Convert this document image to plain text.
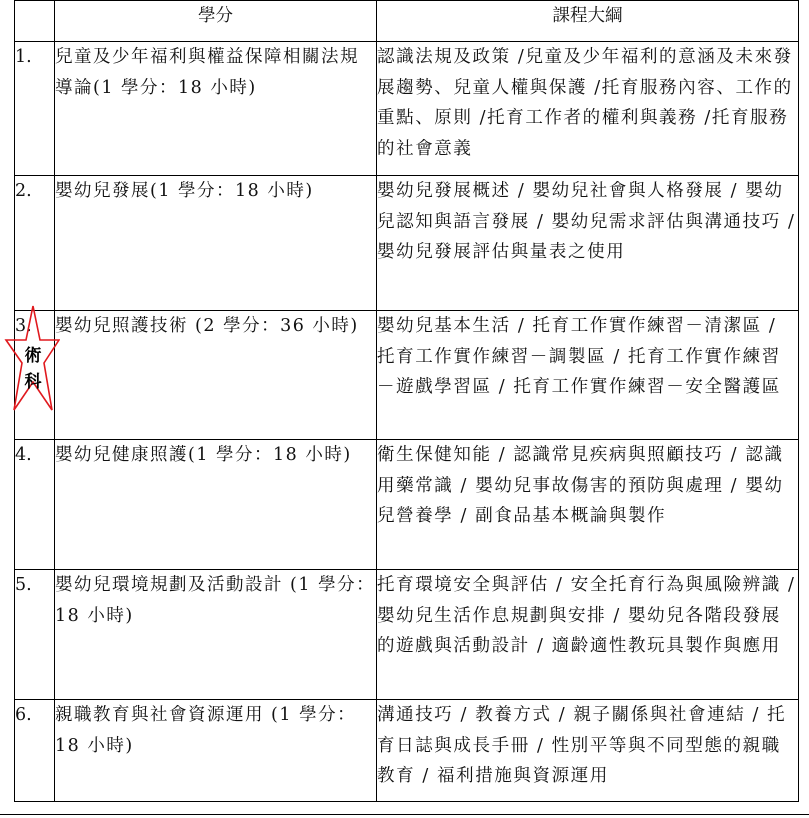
	學分	課程大綱
1.	兒童及少年福利與權益保障相關法規導論(1 學分：18 小時)	認識法規及政策 /兒童及少年福利的意涵及未來發展趨勢、兒童人權與保護 /托育服務內容、工作的重點、原則 /托育工作者的權利與義務 /托育服務的社會意義
2.	嬰幼兒發展(1 學分：18 小時)	嬰幼兒發展概述 / 嬰幼兒社會與人格發展 / 嬰幼兒認知與語言發展 / 嬰幼兒需求評估與溝通技巧 / 嬰幼兒發展評估與量表之使用
3.	嬰幼兒照護技術 (2 學分：36 小時)	嬰幼兒基本生活 / 托育工作實作練習－清潔區 / 托育工作實作練習－調製區 / 托育工作實作練習－遊戲學習區 / 托育工作實作練習－安全醫護區
4.	嬰幼兒健康照護(1 學分：18 小時)	衛生保健知能 / 認識常見疾病與照顧技巧 / 認識用藥常識 / 嬰幼兒事故傷害的預防與處理 / 嬰幼兒營養學 / 副食品基本概論與製作
5.	嬰幼兒環境規劃及活動設計 (1 學分：18 小時)	托育環境安全與評估 / 安全托育行為與風險辨識 / 嬰幼兒生活作息規劃與安排 / 嬰幼兒各階段發展的遊戲與活動設計 / 適齡適性教玩具製作與應用
6.	親職教育與社會資源運用 (1 學分：18 小時)	溝通技巧 / 教養方式 / 親子關係與社會連結 / 托育日誌與成長手冊 / 性別平等與不同型態的親職教育 / 福利措施與資源運用
術
科
